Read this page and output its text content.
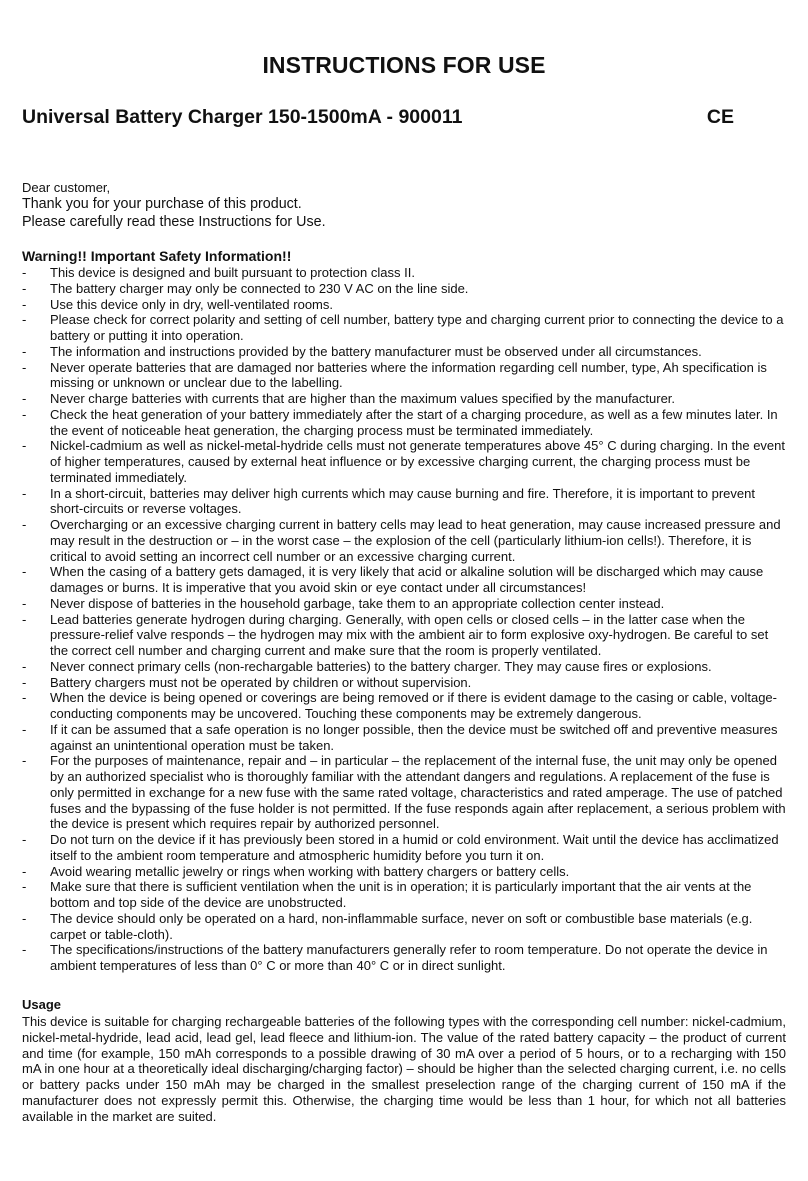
INSTRUCTIONS FOR USE
Universal Battery Charger 150-1500mA - 900011	CE
Dear customer,
Thank you for your purchase of this product.
Please carefully read these Instructions for Use.
Warning!! Important Safety Information!!
- This device is designed and built pursuant to protection class II.
- The battery charger may only be connected to 230 V AC on the line side.
- Use this device only in dry, well-ventilated rooms.
- Please check for correct polarity and setting of cell number, battery type and charging current prior to connecting the device to a battery or putting it into operation.
- The information and instructions provided by the battery manufacturer must be observed under all circumstances.
- Never operate batteries that are damaged nor batteries where the information regarding cell number, type, Ah specification is missing or unknown or unclear due to the labelling.
- Never charge batteries with currents that are higher than the maximum values specified by the manufacturer.
- Check the heat generation of your battery immediately after the start of a charging procedure, as well as a few minutes later. In the event of noticeable heat generation, the charging process must be terminated immediately.
- Nickel-cadmium as well as nickel-metal-hydride cells must not generate temperatures above 45° C during charging. In the event of higher temperatures, caused by external heat influence or by excessive charging current, the charging process must be terminated immediately.
- In a short-circuit, batteries may deliver high currents which may cause burning and fire. Therefore, it is important to prevent short-circuits or reverse voltages.
- Overcharging or an excessive charging current in battery cells may lead to heat generation, may cause increased pressure and may result in the destruction or – in the worst case – the explosion of the cell (particularly lithium-ion cells!). Therefore, it is critical to avoid setting an incorrect cell number or an excessive charging current.
- When the casing of a battery gets damaged, it is very likely that acid or alkaline solution will be discharged which may cause damages or burns. It is imperative that you avoid skin or eye contact under all circumstances!
- Never dispose of batteries in the household garbage, take them to an appropriate collection center instead.
- Lead batteries generate hydrogen during charging. Generally, with open cells or closed cells – in the latter case when the pressure-relief valve responds – the hydrogen may mix with the ambient air to form explosive oxy-hydrogen. Be careful to set the correct cell number and charging current and make sure that the room is properly ventilated.
- Never connect primary cells (non-rechargable batteries) to the battery charger. They may cause fires or explosions.
- Battery chargers must not be operated by children or without supervision.
- When the device is being opened or coverings are being removed or if there is evident damage to the casing or cable, voltage-conducting components may be uncovered. Touching these components may be extremely dangerous.
- If it can be assumed that a safe operation is no longer possible, then the device must be switched off and preventive measures against an unintentional operation must be taken.
- For the purposes of maintenance, repair and – in particular – the replacement of the internal fuse, the unit may only be opened by an authorized specialist who is thoroughly familiar with the attendant dangers and regulations. A replacement of the fuse is only permitted in exchange for a new fuse with the same rated voltage, characteristics and rated amperage. The use of patched fuses and the bypassing of the fuse holder is not permitted. If the fuse responds again after replacement, a serious problem with the device is present which requires repair by authorized personnel.
- Do not turn on the device if it has previously been stored in a humid or cold environment. Wait until the device has acclimatized itself to the ambient room temperature and atmospheric humidity before you turn it on.
- Avoid wearing metallic jewelry or rings when working with battery chargers or battery cells.
- Make sure that there is sufficient ventilation when the unit is in operation; it is particularly important that the air vents at the bottom and top side of the device are unobstructed.
- The device should only be operated on a hard, non-inflammable surface, never on soft or combustible base materials (e.g. carpet or table-cloth).
- The specifications/instructions of the battery manufacturers generally refer to room temperature. Do not operate the device in ambient temperatures of less than 0° C or more than 40° C or in direct sunlight.
Usage
This device is suitable for charging rechargeable batteries of the following types with the corresponding cell number: nickel-cadmium, nickel-metal-hydride, lead acid, lead gel, lead fleece and lithium-ion. The value of the rated battery capacity – the product of current and time (for example, 150 mAh corresponds to a possible drawing of 30 mA over a period of 5 hours, or to a recharging with 150 mA in one hour at a theoretically ideal discharging/charging factor) – should be higher than the selected charging current, i.e. no cells or battery packs under 150 mAh may be charged in the smallest preselection range of the charging current of 150 mA if the manufacturer does not expressly permit this. Otherwise, the charging time would be less than 1 hour, for which not all batteries available in the market are suited.
